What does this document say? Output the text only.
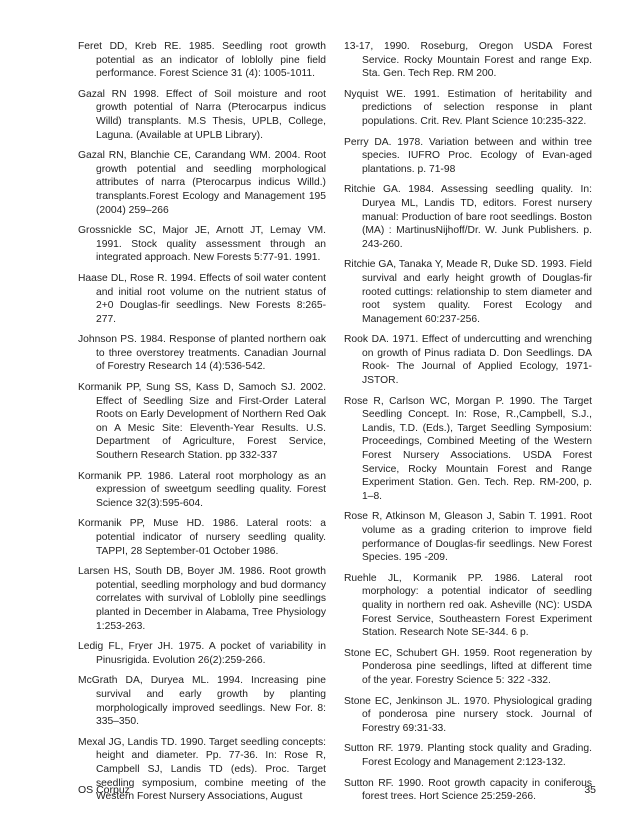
Feret DD, Kreb RE. 1985. Seedling root growth potential as an indicator of loblolly pine field performance. Forest Science 31 (4): 1005-1011.

Gazal RN 1998. Effect of Soil moisture and root growth potential of Narra (Pterocarpus indicus Willd) transplants. M.S Thesis, UPLB, College, Laguna. (Available at UPLB Library).

Gazal RN, Blanchie CE, Carandang WM. 2004. Root growth potential and seedling morphological attributes of narra (Pterocarpus indicus Willd.) transplants.Forest Ecology and Management 195 (2004) 259–266

Grossnickle SC, Major JE, Arnott JT, Lemay VM. 1991. Stock quality assessment through an integrated approach. New Forests 5:77-91. 1991.

Haase DL, Rose R. 1994. Effects of soil water content and initial root volume on the nutrient status of 2+0 Douglas-fir seedlings. New Forests 8:265-277.

Johnson PS. 1984. Response of planted northern oak to three overstorey treatments. Canadian Journal of Forestry Research 14 (4):536-542.

Kormanik PP, Sung SS, Kass D, Samoch SJ. 2002. Effect of Seedling Size and First-Order Lateral Roots on Early Development of Northern Red Oak on A Mesic Site: Eleventh-Year Results. U.S. Department of Agriculture, Forest Service, Southern Research Station. pp 332-337

Kormanik PP. 1986. Lateral root morphology as an expression of sweetgum seedling quality. Forest Science 32(3):595-604.

Kormanik PP, Muse HD. 1986. Lateral roots: a potential indicator of nursery seedling quality. TAPPI, 28 September-01 October 1986.

Larsen HS, South DB, Boyer JM. 1986. Root growth potential, seedling morphology and bud dormancy correlates with survival of Loblolly pine seedlings planted in December in Alabama, Tree Physiology 1:253-263.

Ledig FL, Fryer JH. 1975. A pocket of variability in Pinusrigida. Evolution 26(2):259-266.

McGrath DA, Duryea ML. 1994. Increasing pine survival and early growth by planting morphologically improved seedlings. New For. 8: 335–350.

Mexal JG, Landis TD. 1990. Target seedling concepts: height and diameter. Pp. 77-36. In: Rose R, Campbell SJ, Landis TD (eds). Proc. Target seedling symposium, combine meeting of the Western Forest Nursery Associations, August

13-17, 1990. Roseburg, Oregon USDA Forest Service. Rocky Mountain Forest and range Exp. Sta. Gen. Tech Rep. RM 200.

Nyquist WE. 1991. Estimation of heritability and predictions of selection response in plant populations. Crit. Rev. Plant Science 10:235-322.

Perry DA. 1978. Variation between and within tree species. IUFRO Proc. Ecology of Evan-aged plantations. p. 71-98

Ritchie GA. 1984. Assessing seedling quality. In: Duryea ML, Landis TD, editors. Forest nursery manual: Production of bare root seedlings. Boston (MA) : MartinusNijhoff/Dr. W. Junk Publishers. p. 243-260.

Ritchie GA, Tanaka Y, Meade R, Duke SD. 1993. Field survival and early height growth of Douglas-fir rooted cuttings: relationship to stem diameter and root system quality. Forest Ecology and Management 60:237-256.

Rook DA. 1971. Effect of undercutting and wrenching on growth of Pinus radiata D. Don Seedlings. DA Rook- The Journal of Applied Ecology, 1971-JSTOR.

Rose R, Carlson WC, Morgan P. 1990. The Target Seedling Concept. In: Rose, R.,Campbell, S.J., Landis, T.D. (Eds.), Target Seedling Symposium: Proceedings, Combined Meeting of the Western Forest Nursery Associations. USDA Forest Service, Rocky Mountain Forest and Range Experiment Station. Gen. Tech. Rep. RM-200, p. 1–8.

Rose R, Atkinson M, Gleason J, Sabin T. 1991. Root volume as a grading criterion to improve field performance of Douglas-fir seedlings. New Forest Species. 195 -209.

Ruehle JL, Kormanik PP. 1986. Lateral root morphology: a potential indicator of seedling quality in northern red oak. Asheville (NC): USDA Forest Service, Southeastern Forest Experiment Station. Research Note SE-344. 6 p.

Stone EC, Schubert GH. 1959. Root regeneration by Ponderosa pine seedlings, lifted at different time of the year. Forestry Science 5: 322 -332.

Stone EC, Jenkinson JL. 1970. Physiological grading of ponderosa pine nursery stock. Journal of Forestry 69:31-33.

Sutton RF. 1979. Planting stock quality and Grading. Forest Ecology and Management 2:123-132.

Sutton RF. 1990. Root growth capacity in coniferous forest trees. Hort Science 25:259-266.

OS Corpuz	35
